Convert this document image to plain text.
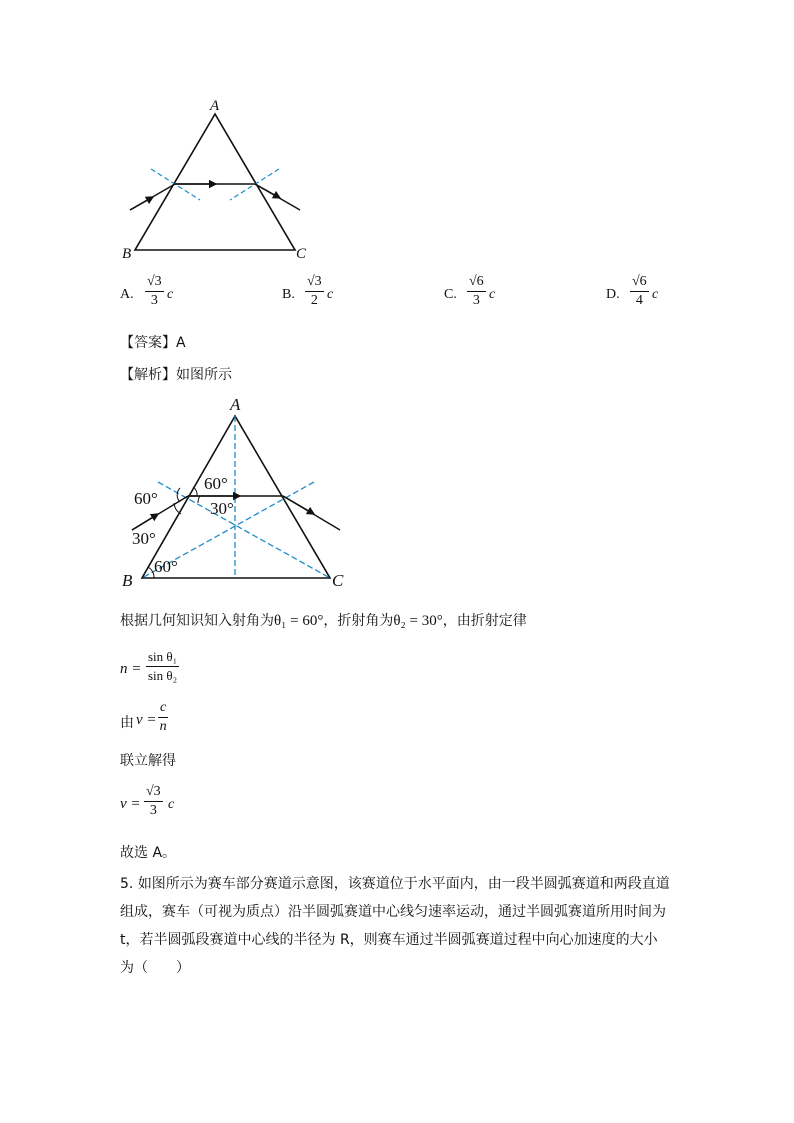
A
B	C
A. $\frac{√3}{3}$ c	B. $\frac{√3}{2}$ c	C. $\frac{√6}{3}$ c	D. $\frac{√6}{4}$ c
【答案】A
【解析】如图所示
A
B	C
60°
60°
30°
30°
60°
根据几何知识知入射角为θ₁ = 60°，折射角为θ₂ = 30°，由折射定律
$n = \frac{\text{sin θ₁}}{\text{sin θ₂}}$
由 $v = \frac{c}{n}$
联立解得
$v = \frac{√3}{3}$ c
故选 A。
5. 如图所示为赛车部分赛道示意图，该赛道位于水平面内，由一段半圆弧赛道和两段直道
组成，赛车（可视为质点）沿半圆弧赛道中心线匀速率运动，通过半圆弧赛道所用时间为
t，若半圆弧段赛道中心线的半径为 R，则赛车通过半圆弧赛道过程中向心加速度的大小
为（　　）
